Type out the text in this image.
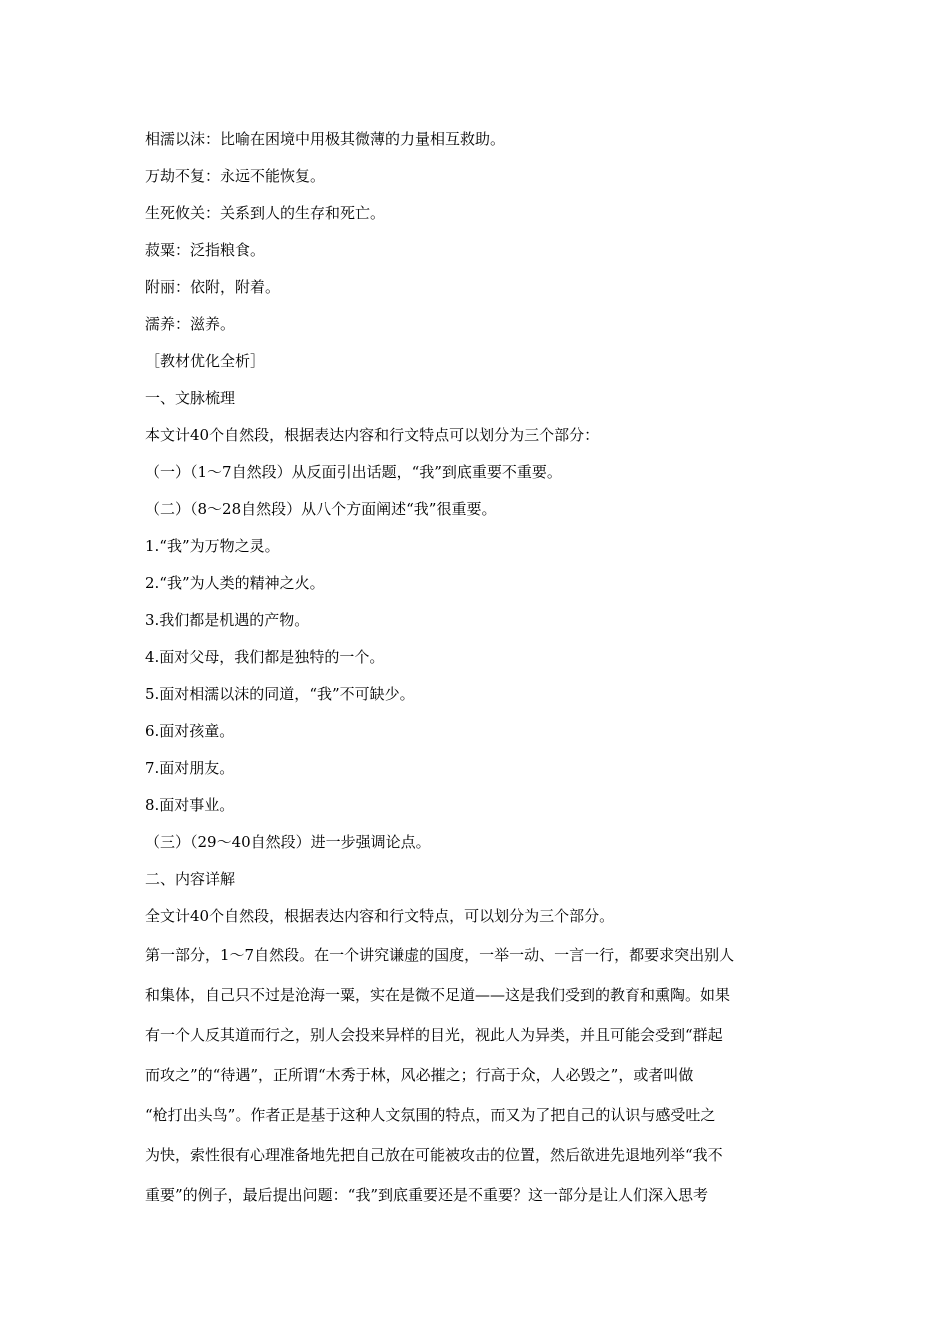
相濡以沫：比喻在困境中用极其微薄的力量相互救助。
万劫不复：永远不能恢复。
生死攸关：关系到人的生存和死亡。
菽粟：泛指粮食。
附丽：依附，附着。
濡养：滋养。
［教材优化全析］
一、文脉梳理
本文计40个自然段，根据表达内容和行文特点可以划分为三个部分：
（一）（1～7自然段）从反面引出话题，“我”到底重要不重要。
（二）（8～28自然段）从八个方面阐述“我”很重要。
1.“我”为万物之灵。
2.“我”为人类的精神之火。
3.我们都是机遇的产物。
4.面对父母，我们都是独特的一个。
5.面对相濡以沫的同道，“我”不可缺少。
6.面对孩童。
7.面对朋友。
8.面对事业。
（三）（29～40自然段）进一步强调论点。
二、内容详解
全文计40个自然段，根据表达内容和行文特点，可以划分为三个部分。
第一部分，1～7自然段。在一个讲究谦虚的国度，一举一动、一言一行，都要求突出别人
和集体，自己只不过是沧海一粟，实在是微不足道——这是我们受到的教育和熏陶。如果
有一个人反其道而行之，别人会投来异样的目光，视此人为异类，并且可能会受到“群起
而攻之”的“待遇”，正所谓“木秀于林，风必摧之；行高于众，人必毁之”，或者叫做
“枪打出头鸟”。作者正是基于这种人文氛围的特点，而又为了把自己的认识与感受吐之
为快，索性很有心理准备地先把自己放在可能被攻击的位置，然后欲进先退地列举“我不
重要”的例子，最后提出问题：“我”到底重要还是不重要？这一部分是让人们深入思考
